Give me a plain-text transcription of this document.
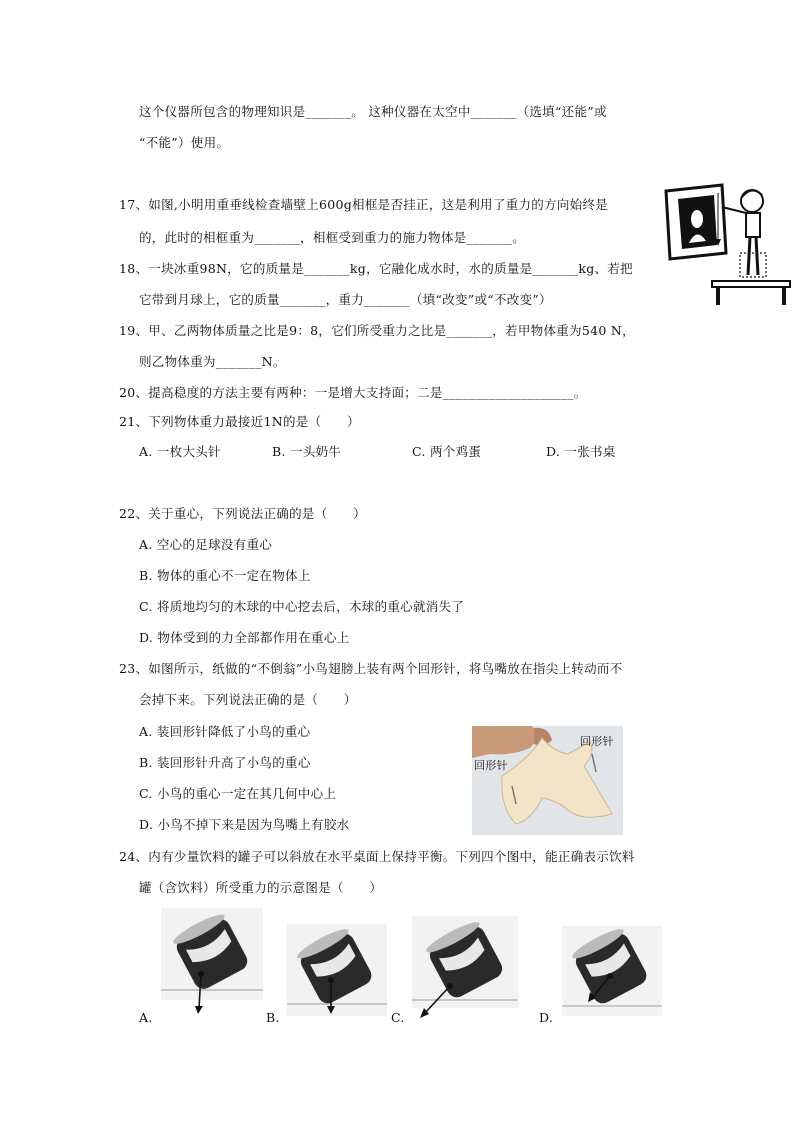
这个仪器所包含的物理知识是_______。 这种仪器在太空中_______（选填“还能”或
“不能”）使用。
17、如图,小明用重垂线检查墙壁上600g相框是否挂正，这是利用了重力的方向始终是
的，此时的相框重为_______，相框受到重力的施力物体是_______。
18、一块冰重98N，它的质量是_______kg，它融化成水时，水的质量是_______kg、若把
它带到月球上，它的质量_______，重力_______（填“改变”或“不改变”）
19、甲、乙两物体质量之比是9：8，它们所受重力之比是_______，若甲物体重为540 N，
则乙物体重为_______N。
20、提高稳度的方法主要有两种：一是增大支持面；二是____________________。
21、下列物体重力最接近1N的是（　　）
A. 一枚大头针	B. 一头奶牛	C. 两个鸡蛋	D. 一张书桌
22、关于重心，下列说法正确的是（　　）
A. 空心的足球没有重心
B. 物体的重心不一定在物体上
C. 将质地均匀的木球的中心挖去后，木球的重心就消失了
D. 物体受到的力全部都作用在重心上
23、如图所示，纸做的“不倒翁”小鸟翅膀上装有两个回形针，将鸟嘴放在指尖上转动而不
会掉下来。下列说法正确的是（　　）
A. 装回形针降低了小鸟的重心
B. 装回形针升高了小鸟的重心
C. 小鸟的重心一定在其几何中心上
D. 小鸟不掉下来是因为鸟嘴上有胶水
24、内有少量饮料的罐子可以斜放在水平桌面上保持平衡。下列四个图中，能正确表示饮料
罐（含饮料）所受重力的示意图是（　　）
A.	B.	C.	D.
回形针
回形针
